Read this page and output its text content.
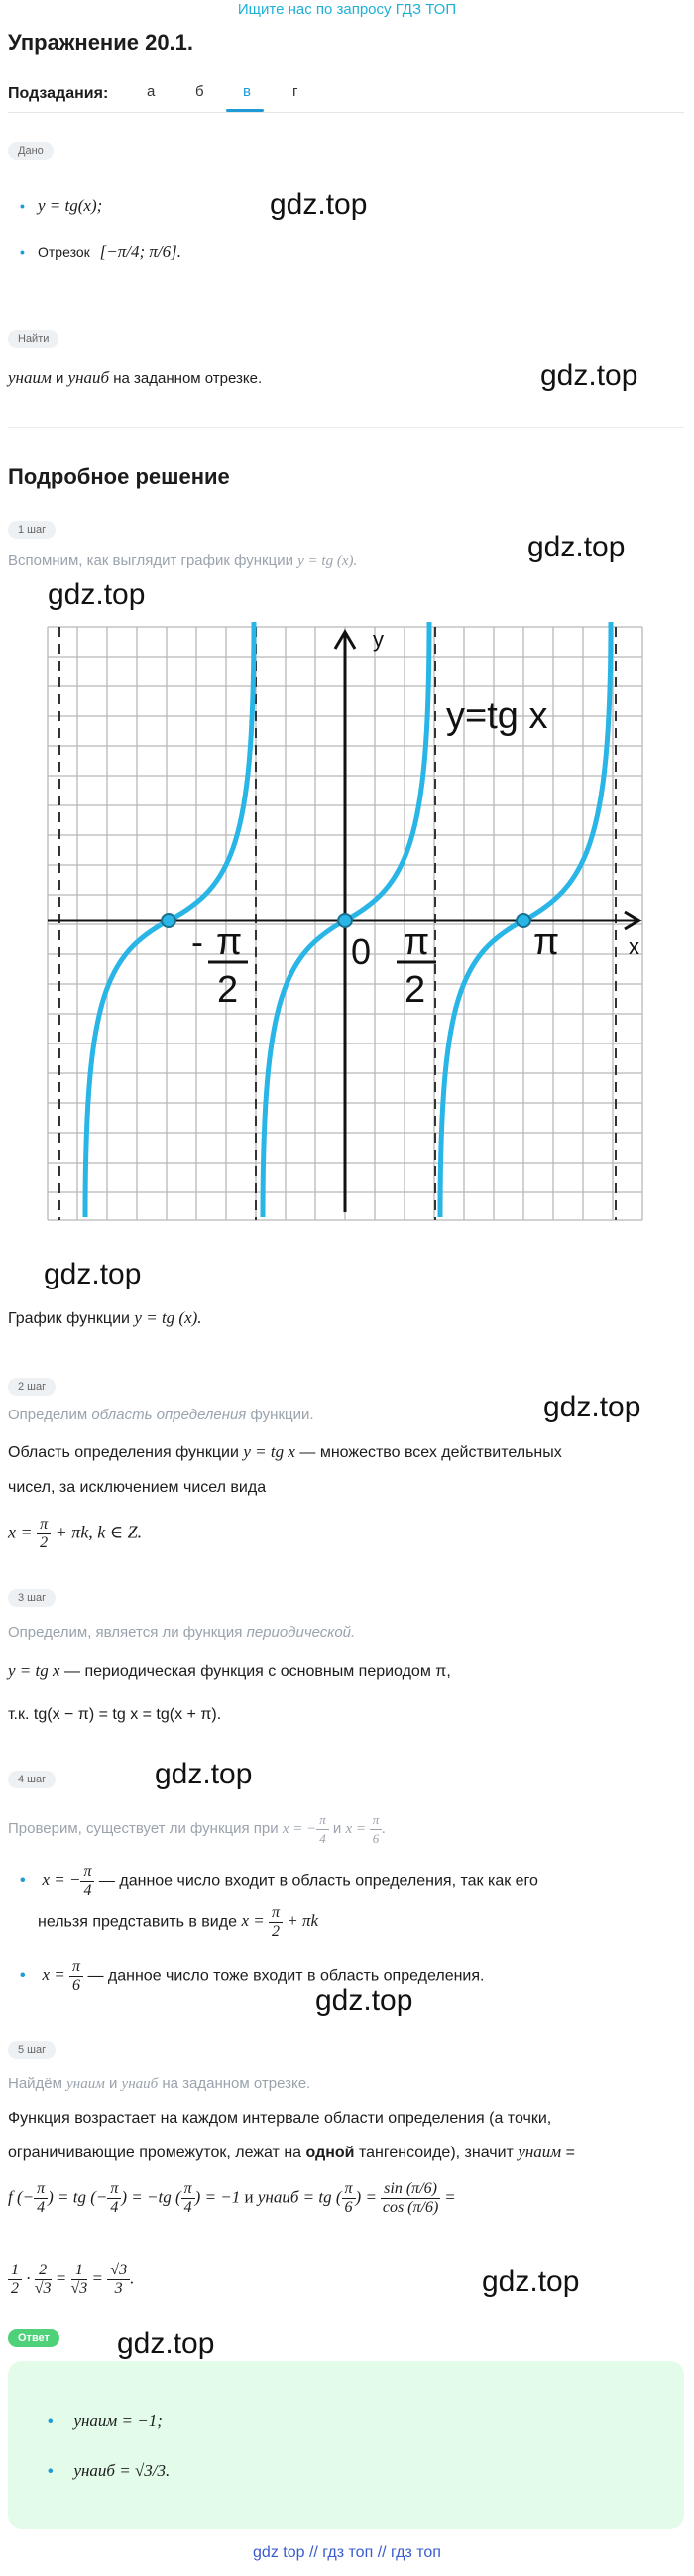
Ищите нас по запросу ГДЗ ТОП
Упражнение 20.1.
Подзадания:	а	б	в	г
Дано
• y = tg(x);	gdz.top
• Отрезок [−π/4; π/6].
Найти
yнаим и yнаиб на заданном отрезке.	gdz.top
Подробное решение
1 шаг
gdz.top
Вспомним, как выглядит график функции y = tg (x).
gdz.top
y
x
y=tg x
0
- π
2
π
2
π
gdz.top
График функции y = tg (x).
2 шаг
gdz.top
Определим область определения функции.
Область определения функции y = tg x — множество всех действительных
чисел, за исключением чисел вида
$x = \frac{\pi}{2} + \pi k$, k ∈ Z.
3 шаг
Определим, является ли функция периодической.
y = tg x — периодическая функция с основным периодом π,
т.к. tg(x − π) = tg x = tg(x + π).
4 шаг	gdz.top
Проверим, существует ли функция при x = − $\frac{\pi}{4}$ и $x = \frac{\pi}{6}$ .
• x = − $\frac{\pi}{4}$ — данное число входит в область определения, так как его
нельзя представить в виде $x = \frac{\pi}{2} + \pi k$
• $x = \frac{\pi}{6}$ — данное число тоже входит в область определения.
gdz.top
5 шаг
Найдём yнаим и yнаиб на заданном отрезке.
Функция возрастает на каждом интервале области определения (а точки,
ограничивающие промежуток, лежат на одной тангенсоиде), значит yнаим =
f (− $\frac{\pi}{4}$ ) = tg (− $\frac{\pi}{4}$ ) = −tg ( $\frac{\pi}{4}$ ) = −1 и yнаиб = tg ( $\frac{\pi}{6}$ ) = $\frac{\sin (\pi/6)}{\cos (\pi/6)}$ =
$\frac{1}{2} \cdot \frac{2}{√3} = \frac{1}{√3} = \frac{√3}{3}$ .	gdz.top
Ответ	gdz.top
• yнаим = −1;
• yнаиб = √3/3.
gdz top // гдз топ // гдз топ
